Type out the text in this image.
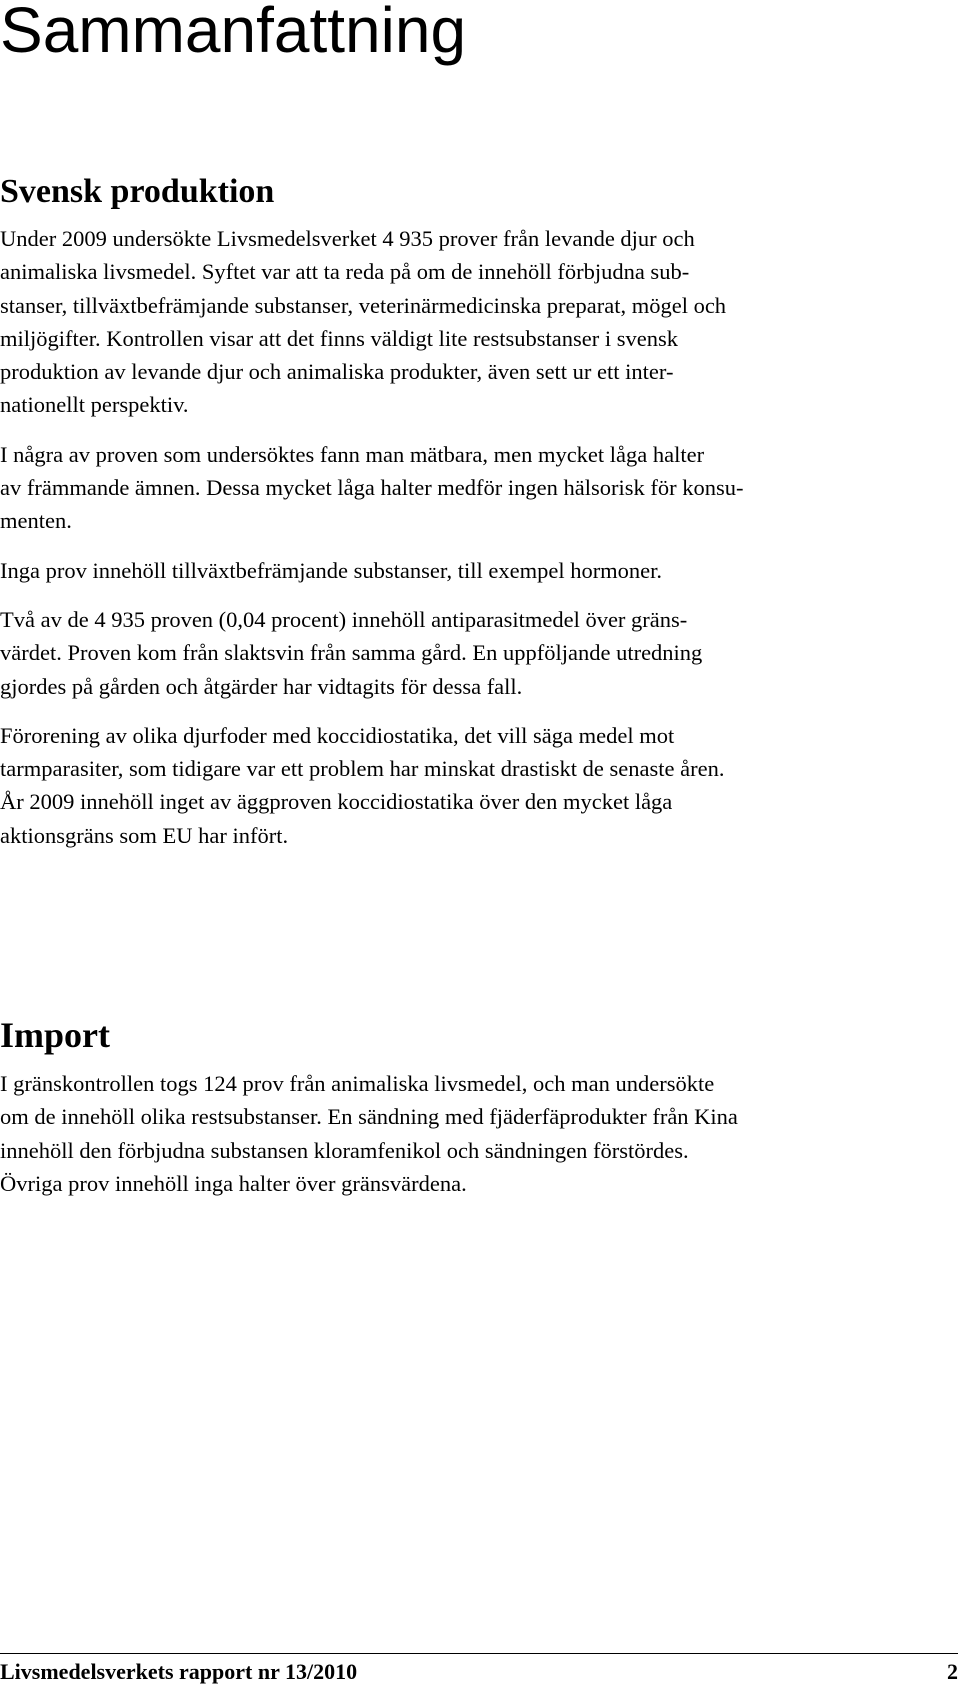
Sammanfattning
Svensk produktion

Under 2009 undersökte Livsmedelsverket 4 935 prover från levande djur och
animaliska livsmedel. Syftet var att ta reda på om de innehöll förbjudna sub-
stanser, tillväxtbefrämjande substanser, veterinärmedicinska preparat, mögel och
miljögifter. Kontrollen visar att det finns väldigt lite restsubstanser i svensk
produktion av levande djur och animaliska produkter, även sett ur ett inter-
nationellt perspektiv.

I några av proven som undersöktes fann man mätbara, men mycket låga halter
av främmande ämnen. Dessa mycket låga halter medför ingen hälsorisk för konsu-
menten.

Inga prov innehöll tillväxtbefrämjande substanser, till exempel hormoner.

Två av de 4 935 proven (0,04 procent) innehöll antiparasitmedel över gräns-
värdet. Proven kom från slaktsvin från samma gård. En uppföljande utredning
gjordes på gården och åtgärder har vidtagits för dessa fall.

Förorening av olika djurfoder med koccidiostatika, det vill säga medel mot
tarmparasiter, som tidigare var ett problem har minskat drastiskt de senaste åren.
År 2009 innehöll inget av äggproven koccidiostatika över den mycket låga
aktionsgräns som EU har infört.

Import

I gränskontrollen togs 124 prov från animaliska livsmedel, och man undersökte
om de innehöll olika restsubstanser. En sändning med fjäderfäprodukter från Kina
innehöll den förbjudna substansen kloramfenikol och sändningen förstördes.
Övriga prov innehöll inga halter över gränsvärdena.

Livsmedelsverkets rapport nr 13/2010	2
